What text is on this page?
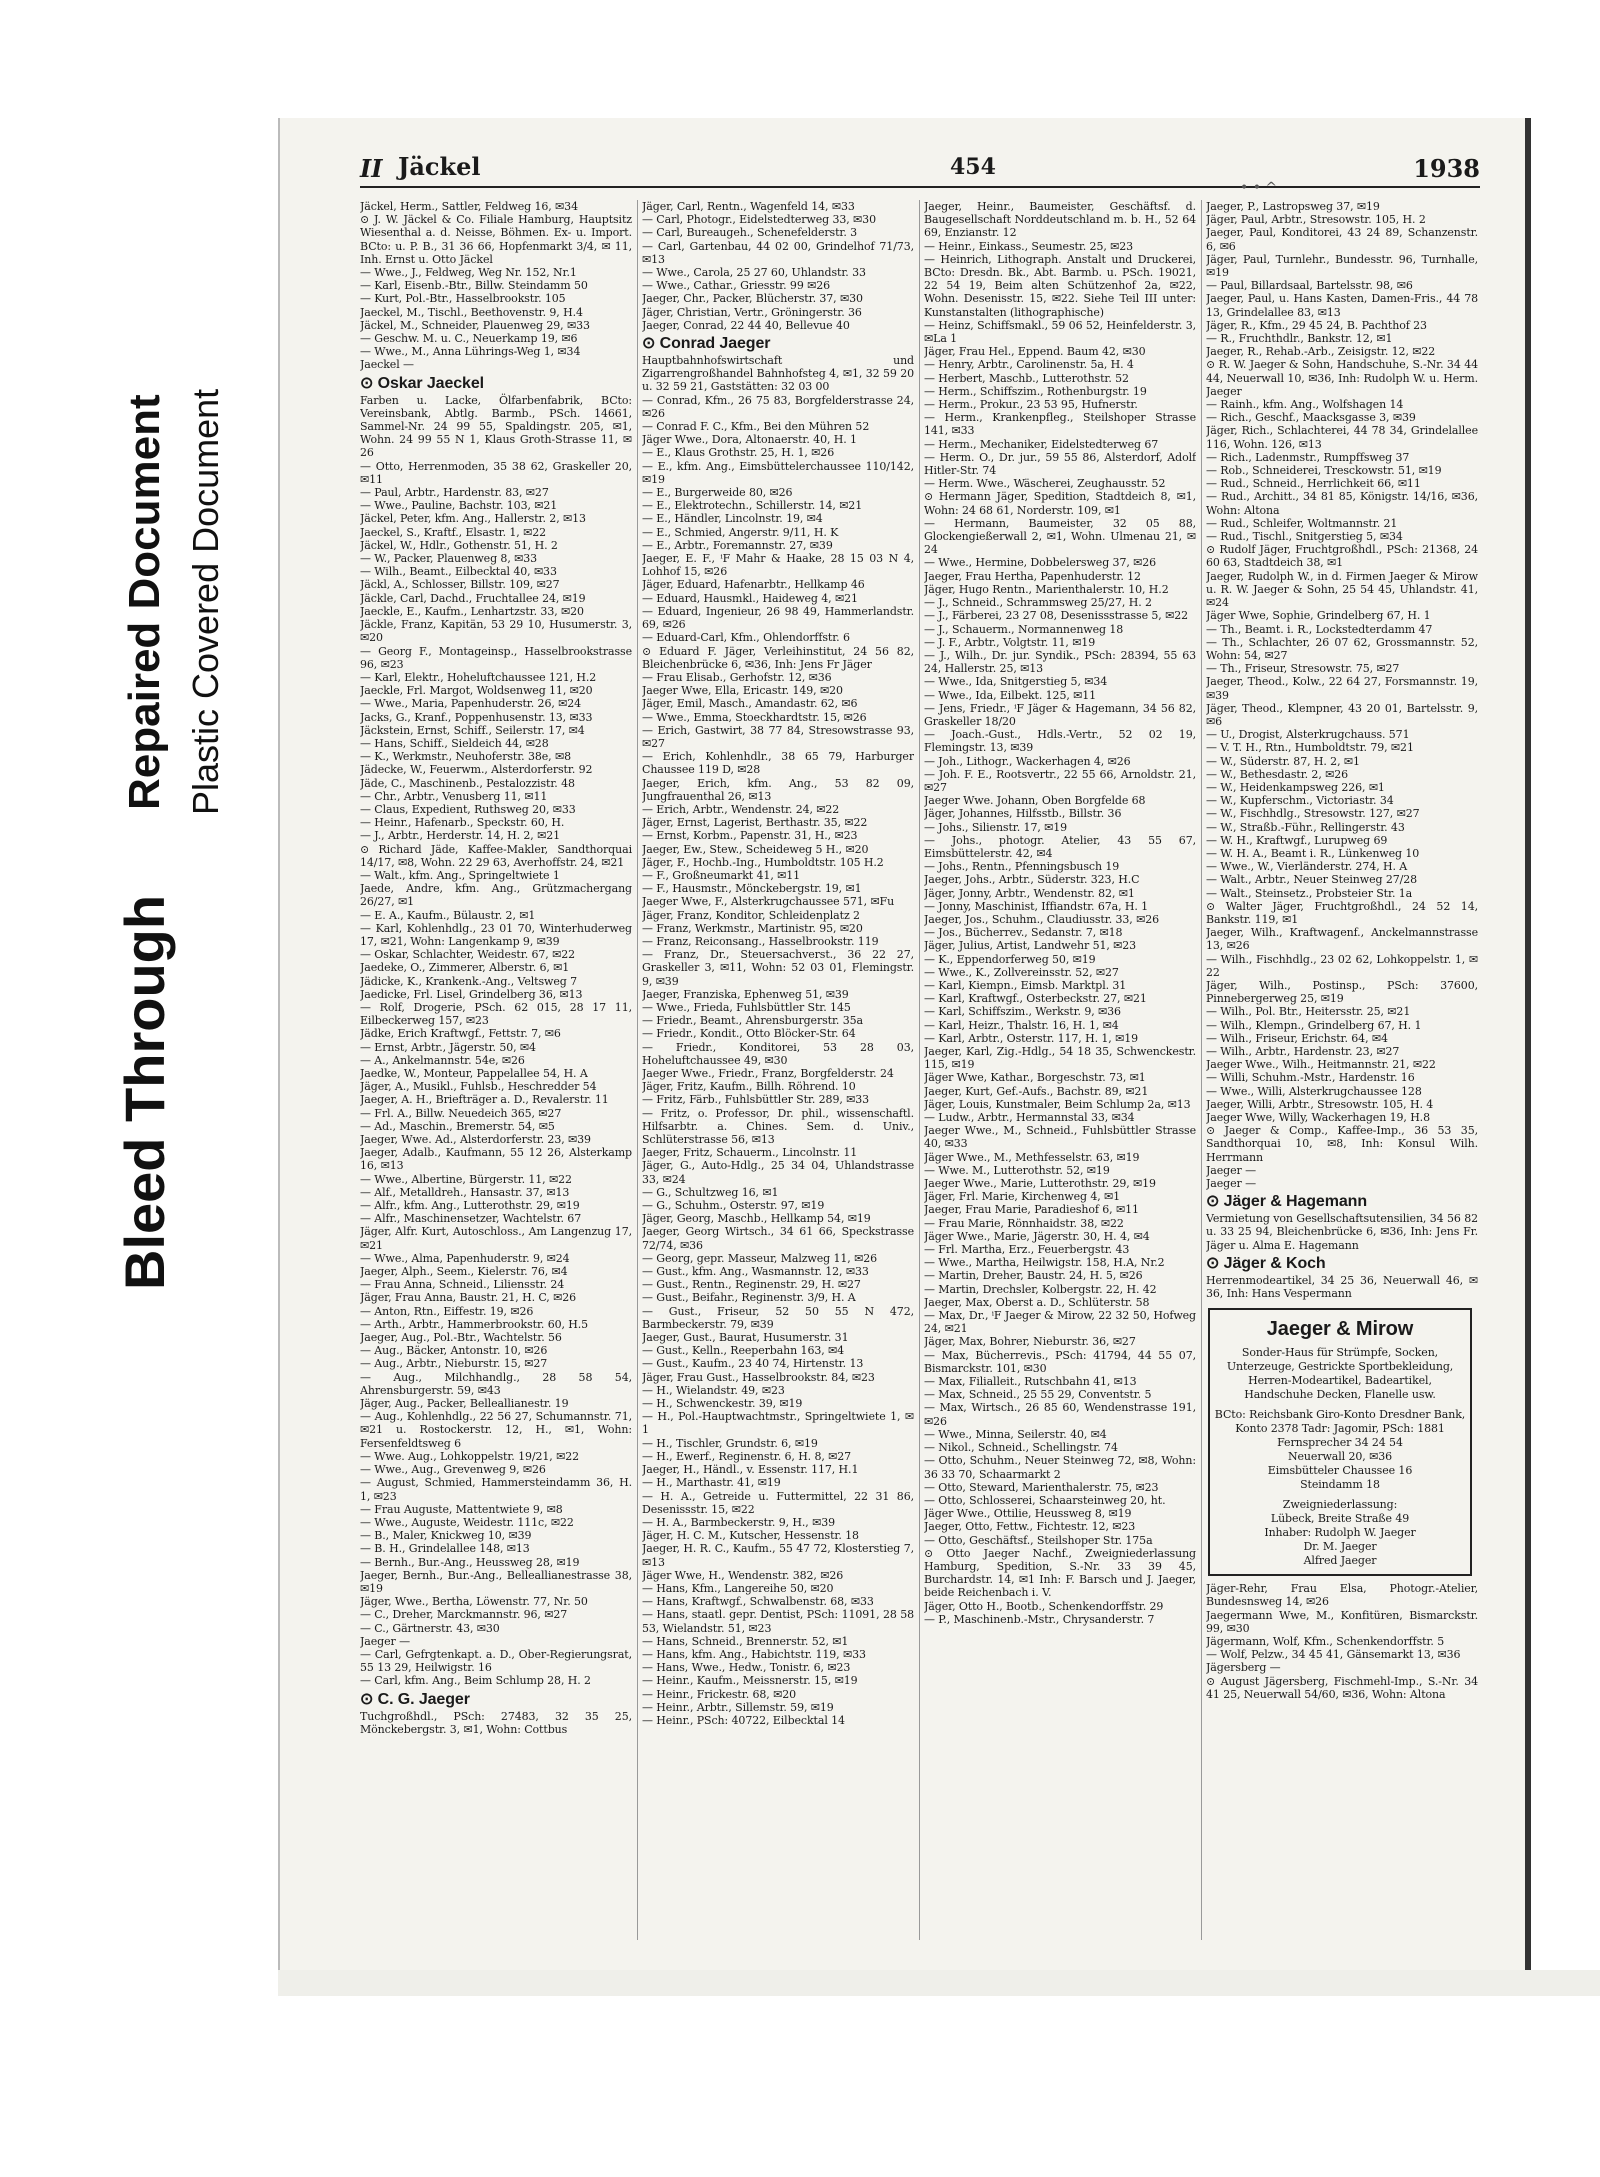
Bleed Through
Repaired Document Plastic Covered Document
II Jäckel	454
• • ^
1938

Jäckel, Herm., Sattler, Feldweg 16, ✉34

⊙ J. W. Jäckel & Co. Filiale Hamburg, Hauptsitz Wiesenthal a. d. Neisse, Böhmen. Ex- u. Import. BCto: u. P. B., 31 36 66, Hopfenmarkt 3/4, ✉ 11, Inh. Ernst u. Otto Jäckel

— Wwe., J., Feldweg, Weg Nr. 152, Nr.1

— Karl, Eisenb.-Btr., Billw. Steindamm 50

— Kurt, Pol.-Btr., Hasselbrookstr. 105

Jaeckel, M., Tischl., Beethovenstr. 9, H.4

Jäckel, M., Schneider, Plauenweg 29, ✉33

— Geschw. M. u. C., Neuerkamp 19, ✉6

— Wwe., M., Anna Lührings-Weg 1, ✉34

Jaeckel —

⊙ Oskar Jaeckel

Farben u. Lacke, Ölfarbenfabrik, BCto: Vereinsbank, Abtlg. Barmb., PSch. 14661, Sammel-Nr. 24 99 55, Spaldingstr. 205, ✉1, Wohn. 24 99 55 N 1, Klaus Groth-Strasse 11, ✉26

— Otto, Herrenmoden, 35 38 62, Graskeller 20, ✉11

— Paul, Arbtr., Hardenstr. 83, ✉27

— Wwe., Pauline, Bachstr. 103, ✉21

Jäckel, Peter, kfm. Ang., Hallerstr. 2, ✉13

Jaeckel, S., Kraftf., Elsastr. 1, ✉22

Jäckel, W., Hdlr., Gothenstr. 51, H. 2

— W., Packer, Plauenweg 8, ✉33

— Wilh., Beamt., Eilbecktal 40, ✉33

Jäckl, A., Schlosser, Billstr. 109, ✉27

Jäckle, Carl, Dachd., Fruchtallee 24, ✉19

Jaeckle, E., Kaufm., Lenhartzstr. 33, ✉20

Jäckle, Franz, Kapitän, 53 29 10, Husumerstr. 3, ✉20

— Georg F., Montageinsp., Hasselbrookstrasse 96, ✉23

— Karl, Elektr., Hoheluftchaussee 121, H.2

Jaeckle, Frl. Margot, Woldsenweg 11, ✉20

— Wwe., Maria, Papenhuderstr. 26, ✉24

Jacks, G., Kranf., Poppenhusenstr. 13, ✉33

Jäckstein, Ernst, Schiff., Seilerstr. 17, ✉4

— Hans, Schiff., Sieldeich 44, ✉28

— K., Werkmstr., Neuhoferstr. 38e, ✉8

Jädecke, W., Feuerwm., Alsterdorferstr. 92

Jäde, C., Maschinenb., Pestalozzistr. 48

— Chr., Arbtr., Venusberg 11, ✉11

— Claus, Expedient, Ruthsweg 20, ✉33

— Heinr., Hafenarb., Speckstr. 60, H.

— J., Arbtr., Herderstr. 14, H. 2, ✉21

⊙ Richard Jäde, Kaffee-Makler, Sandthorquai 14/17, ✉8, Wohn. 22 29 63, Averhoffstr. 24, ✉21

— Walt., kfm. Ang., Springeltwiete 1

Jaede, Andre, kfm. Ang., Grützmachergang 26/27, ✉1

— E. A., Kaufm., Bülaustr. 2, ✉1

— Karl, Kohlenhdlg., 23 01 70, Winterhuderweg 17, ✉21, Wohn: Langenkamp 9, ✉39

— Oskar, Schlachter, Weidestr. 67, ✉22

Jaedeke, O., Zimmerer, Alberstr. 6, ✉1

Jädicke, K., Krankenk.-Ang., Veltsweg 7

Jaedicke, Frl. Lisel, Grindelberg 36, ✉13

— Rolf, Drogerie, PSch. 62 015, 28 17 11, Eilbeckerweg 157, ✉23

Jädke, Erich Kraftwgf., Fettstr. 7, ✉6

— Ernst, Arbtr., Jägerstr. 50, ✉4

— A., Ankelmannstr. 54e, ✉26

Jaedke, W., Monteur, Pappelallee 54, H. A

Jäger, A., Musikl., Fuhlsb., Heschredder 54

Jaeger, A. H., Briefträger a. D., Revalerstr. 11

— Frl. A., Billw. Neuedeich 365, ✉27

— Ad., Maschin., Bremerstr. 54, ✉5

Jaeger, Wwe. Ad., Alsterdorferstr. 23, ✉39

Jaeger, Adalb., Kaufmann, 55 12 26, Alsterkamp 16, ✉13

— Wwe., Albertine, Bürgerstr. 11, ✉22

— Alf., Metalldreh., Hansastr. 37, ✉13

— Alfr., kfm. Ang., Lutterothstr. 29, ✉19

— Alfr., Maschinensetzer, Wachtelstr. 67

Jäger, Alfr. Kurt, Autoschloss., Am Langenzug 17, ✉21

— Wwe., Alma, Papenhuderstr. 9, ✉24

Jaeger, Alph., Seem., Kielerstr. 76, ✉4

— Frau Anna, Schneid., Liliensstr. 24

Jäger, Frau Anna, Baustr. 21, H. C, ✉26

— Anton, Rtn., Eiffestr. 19, ✉26

— Arth., Arbtr., Hammerbrookstr. 60, H.5

Jaeger, Aug., Pol.-Btr., Wachtelstr. 56

— Aug., Bäcker, Antonstr. 10, ✉26

— Aug., Arbtr., Nieburstr. 15, ✉27

— Aug., Milchhandlg., 28 58 54, Ahrensburgerstr. 59, ✉43

Jäger, Aug., Packer, Belleallianestr. 19

— Aug., Kohlenhdlg., 22 56 27, Schumannstr. 71, ✉21 u. Rostockerstr. 12, H., ✉1, Wohn: Fersenfeldtsweg 6

— Wwe. Aug., Lohkoppelstr. 19/21, ✉22

— Wwe., Aug., Grevenweg 9, ✉26

— August, Schmied, Hammersteindamm 36, H. 1, ✉23

— Frau Auguste, Mattentwiete 9, ✉8

— Wwe., Auguste, Weidestr. 111c, ✉22

— B., Maler, Knickweg 10, ✉39

— B. H., Grindelallee 148, ✉13

— Bernh., Bur.-Ang., Heussweg 28, ✉19

Jaeger, Bernh., Bur.-Ang., Belleallianestrasse 38, ✉19

Jäger, Wwe., Bertha, Löwenstr. 77, Nr. 50

— C., Dreher, Marckmannstr. 96, ✉27

— C., Gärtnerstr. 43, ✉30

Jaeger —

— Carl, Gefrgtenkapt. a. D., Ober-Regierungsrat, 55 13 29, Heilwigstr. 16

— Carl, kfm. Ang., Beim Schlump 28, H. 2

⊙ C. G. Jaeger

Tuchgroßhdl., PSch: 27483, 32 35 25, Mönckebergstr. 3, ✉1, Wohn: Cottbus

Jäger, Carl, Rentn., Wagenfeld 14, ✉33

— Carl, Photogr., Eidelstedterweg 33, ✉30

— Carl, Bureaugeh., Schenefelderstr. 3

— Carl, Gartenbau, 44 02 00, Grindelhof 71/73, ✉13

— Wwe., Carola, 25 27 60, Uhlandstr. 33

— Wwe., Cathar., Griesstr. 99 ✉26

Jaeger, Chr., Packer, Blücherstr. 37, ✉30

Jäger, Christian, Vertr., Gröningerstr. 36

Jaeger, Conrad, 22 44 40, Bellevue 40

⊙ Conrad Jaeger

Hauptbahnhofswirtschaft und Zigarrengroßhandel Bahnhofsteg 4, ✉1, 32 59 20 u. 32 59 21, Gaststätten: 32 03 00

— Conrad, Kfm., 26 75 83, Borgfelderstrasse 24, ✉26

— Conrad F. C., Kfm., Bei den Mühren 52

Jäger Wwe., Dora, Altonaerstr. 40, H. 1

— E., Klaus Grothstr. 25, H. 1, ✉26

— E., kfm. Ang., Eimsbüttelerchaussee 110/142, ✉19

— E., Burgerweide 80, ✉26

— E., Elektrotechn., Schillerstr. 14, ✉21

— E., Händler, Lincolnstr. 19, ✉4

— E., Schmied, Angerstr. 9/11, H. K

— E., Arbtr., Foremannstr. 27, ✉39

Jaeger, E. F., ⁱF Mahr & Haake, 28 15 03 N 4, Lohhof 15, ✉26

Jäger, Eduard, Hafenarbtr., Hellkamp 46

— Eduard, Hausmkl., Haideweg 4, ✉21

— Eduard, Ingenieur, 26 98 49, Hammerlandstr. 69, ✉26

— Eduard-Carl, Kfm., Ohlendorffstr. 6

⊙ Eduard F. Jäger, Verleihinstitut, 24 56 82, Bleichenbrücke 6, ✉36, Inh: Jens Fr Jäger

— Frau Elisab., Gerhofstr. 12, ✉36

Jaeger Wwe, Ella, Ericastr. 149, ✉20

Jäger, Emil, Masch., Amandastr. 62, ✉6

— Wwe., Emma, Stoeckhardtstr. 15, ✉26

— Erich, Gastwirt, 38 77 84, Stresowstrasse 93, ✉27

— Erich, Kohlenhdlr., 38 65 79, Harburger Chaussee 119 D, ✉28

Jaeger, Erich, kfm. Ang., 53 82 09, Jungfrauenthal 26, ✉13

— Erich, Arbtr., Wendenstr. 24, ✉22

Jäger, Ernst, Lagerist, Berthastr. 35, ✉22

— Ernst, Korbm., Papenstr. 31, H., ✉23

Jaeger, Ew., Stew., Scheideweg 5 H., ✉20

Jäger, F., Hochb.-Ing., Humboldtstr. 105 H.2

— F., Großneumarkt 41, ✉11

— F., Hausmstr., Mönckebergstr. 19, ✉1

Jaeger Wwe, F., Alsterkrugchaussee 571, ✉Fu

Jäger, Franz, Konditor, Schleidenplatz 2

— Franz, Werkmstr., Martinistr. 95, ✉20

— Franz, Reiconsang., Hasselbrookstr. 119

— Franz, Dr., Steuersachverst., 36 22 27, Graskeller 3, ✉11, Wohn: 52 03 01, Flemingstr. 9, ✉39

Jaeger, Franziska, Ephenweg 51, ✉39

— Wwe., Frieda, Fuhlsbüttler Str. 145

— Friedr., Beamt., Ahrensburgerstr. 35a

— Friedr., Kondit., Otto Blöcker-Str. 64

— Friedr., Konditorei, 53 28 03, Hoheluftchaussee 49, ✉30

Jaeger Wwe., Friedr., Franz, Borgfelderstr. 24

Jäger, Fritz, Kaufm., Billh. Röhrend. 10

— Fritz, Färb., Fuhlsbüttler Str. 289, ✉33

— Fritz, o. Professor, Dr. phil., wissenschaftl. Hilfsarbtr. a. Chines. Sem. d. Univ., Schlüterstrasse 56, ✉13

Jaeger, Fritz, Schauerm., Lincolnstr. 11

Jäger, G., Auto-Hdlg., 25 34 04, Uhlandstrasse 33, ✉24

— G., Schultzweg 16, ✉1

— G., Schuhm., Osterstr. 97, ✉19

Jäger, Georg, Maschb., Hellkamp 54, ✉19

Jaeger, Georg Wirtsch., 34 61 66, Speckstrasse 72/74, ✉36

— Georg, gepr. Masseur, Malzweg 11, ✉26

— Gust., kfm. Ang., Wasmannstr. 12, ✉33

— Gust., Rentn., Reginenstr. 29, H. ✉27

— Gust., Beifahr., Reginenstr. 3/9, H. A

— Gust., Friseur, 52 50 55 N 472, Barmbeckerstr. 79, ✉39

Jaeger, Gust., Baurat, Husumerstr. 31

— Gust., Kelln., Reeperbahn 163, ✉4

— Gust., Kaufm., 23 40 74, Hirtenstr. 13

Jäger, Frau Gust., Hasselbrookstr. 84, ✉23

— H., Wielandstr. 49, ✉23

— H., Schwenckestr. 39, ✉19

— H., Pol.-Hauptwachtmstr., Springeltwiete 1, ✉1

— H., Tischler, Grundstr. 6, ✉19

— H., Ewerf., Reginenstr. 6, H. 8, ✉27

Jaeger, H., Händl., v. Essenstr. 117, H.1

— H., Marthastr. 41, ✉19

— H. A., Getreide u. Futtermittel, 22 31 86, Desenissstr. 15, ✉22

— H. A., Barmbeckerstr. 9, H., ✉39

Jäger, H. C. M., Kutscher, Hessenstr. 18

Jaeger, H. R. C., Kaufm., 55 47 72, Klosterstieg 7, ✉13

Jäger Wwe, H., Wendenstr. 382, ✉26

— Hans, Kfm., Langereihe 50, ✉20

— Hans, Kraftwgf., Schwalbenstr. 68, ✉33

— Hans, staatl. gepr. Dentist, PSch: 11091, 28 58 53, Wielandstr. 51, ✉23

— Hans, Schneid., Brennerstr. 52, ✉1

— Hans, kfm. Ang., Habichtstr. 119, ✉33

— Hans, Wwe., Hedw., Tonistr. 6, ✉23

— Heinr., Kaufm., Meissnerstr. 15, ✉19

— Heinr., Frickestr. 68, ✉20

— Heinr., Arbtr., Sillemstr. 59, ✉19

— Heinr., PSch: 40722, Eilbecktal 14

Jaeger, Heinr., Baumeister, Geschäftsf. d. Baugesellschaft Norddeutschland m. b. H., 52 64 69, Enzianstr. 12

— Heinr., Einkass., Seumestr. 25, ✉23

— Heinrich, Lithograph. Anstalt und Druckerei, BCto: Dresdn. Bk., Abt. Barmb. u. PSch. 19021, 22 54 19, Beim alten Schützenhof 2a, ✉22, Wohn. Desenisstr. 15, ✉22. Siehe Teil III unter: Kunstanstalten (lithographische)

— Heinz, Schiffsmakl., 59 06 52, Heinfelderstr. 3, ✉La 1

Jäger, Frau Hel., Eppend. Baum 42, ✉30

— Henry, Arbtr., Carolinenstr. 5a, H. 4

— Herbert, Maschb., Lutterothstr. 52

— Herm., Schiffszim., Rothenburgstr. 19

— Herm., Prokur., 23 53 95, Hufnerstr.

— Herm., Krankenpfleg., Steilshoper Strasse 141, ✉33

— Herm., Mechaniker, Eidelstedterweg 67

— Herm. O., Dr. jur., 59 55 86, Alsterdorf, Adolf Hitler-Str. 74

— Herm. Wwe., Wäscherei, Zeughausstr. 52

⊙ Hermann Jäger, Spedition, Stadtdeich 8, ✉1, Wohn: 24 68 61, Norderstr. 109, ✉1

— Hermann, Baumeister, 32 05 88, Glockengießerwall 2, ✉1, Wohn. Ulmenau 21, ✉24

— Wwe., Hermine, Dobbelersweg 37, ✉26

Jaeger, Frau Hertha, Papenhuderstr. 12

Jäger, Hugo Rentn., Marienthalerstr. 10, H.2

— J., Schneid., Schrammsweg 25/27, H. 2

— J., Färberei, 23 27 08, Desenissstrasse 5, ✉22

— J., Schauerm., Normannenweg 18

— J. F., Arbtr., Volgtstr. 11, ✉19

— J., Wilh., Dr. jur. Syndik., PSch: 28394, 55 63 24, Hallerstr. 25, ✉13

— Wwe., Ida, Snitgerstieg 5, ✉34

— Wwe., Ida, Eilbekt. 125, ✉11

— Jens, Friedr., ⁱF Jäger & Hagemann, 34 56 82, Graskeller 18/20

— Joach.-Gust., Hdls.-Vertr., 52 02 19, Flemingstr. 13, ✉39

— Joh., Lithogr., Wackerhagen 4, ✉26

— Joh. F. E., Rootsvertr., 22 55 66, Arnoldstr. 21, ✉27

Jaeger Wwe. Johann, Oben Borgfelde 68

Jäger, Johannes, Hilfsstb., Billstr. 36

— Johs., Silienstr. 17, ✉19

— Johs., photogr. Atelier, 43 55 67, Eimsbüttelerstr. 42, ✉4

— Johs., Rentn., Pfenningsbusch 19

Jaeger, Johs., Arbtr., Süderstr. 323, H.C

Jäger, Jonny, Arbtr., Wendenstr. 82, ✉1

— Jonny, Maschinist, Iffiandstr. 67a, H. 1

Jaeger, Jos., Schuhm., Claudiusstr. 33, ✉26

— Jos., Bücherrev., Sedanstr. 7, ✉18

Jäger, Julius, Artist, Landwehr 51, ✉23

— K., Eppendorferweg 50, ✉19

— Wwe., K., Zollvereinsstr. 52, ✉27

— Karl, Kiempn., Eimsb. Marktpl. 31

— Karl, Kraftwgf., Osterbeckstr. 27, ✉21

— Karl, Schiffszim., Werkstr. 9, ✉36

— Karl, Heizr., Thalstr. 16, H. 1, ✉4

— Karl, Arbtr., Osterstr. 117, H. 1, ✉19

Jaeger, Karl, Zig.-Hdlg., 54 18 35, Schwenckestr. 115, ✉19

Jäger Wwe, Kathar., Borgeschstr. 73, ✉1

Jaeger, Kurt, Gef.-Aufs., Bachstr. 89, ✉21

Jäger, Louis, Kunstmaler, Beim Schlump 2a, ✉13

— Ludw., Arbtr., Hermannstal 33, ✉34

Jaeger Wwe., M., Schneid., Fuhlsbüttler Strasse 40, ✉33

Jäger Wwe., M., Methfesselstr. 63, ✉19

— Wwe. M., Lutterothstr. 52, ✉19

Jaeger Wwe., Marie, Lutterothstr. 29, ✉19

Jäger, Frl. Marie, Kirchenweg 4, ✉1

Jaeger, Frau Marie, Paradieshof 6, ✉11

— Frau Marie, Rönnhaidstr. 38, ✉22

Jäger Wwe., Marie, Jägerstr. 30, H. 4, ✉4

— Frl. Martha, Erz., Feuerbergstr. 43

— Wwe., Martha, Heilwigstr. 158, H.A, Nr.2

— Martin, Dreher, Baustr. 24, H. 5, ✉26

— Martin, Drechsler, Kolbergstr. 22, H. 42

Jaeger, Max, Oberst a. D., Schlüterstr. 58

— Max, Dr., ⁱF Jaeger & Mirow, 22 32 50, Hofweg 24, ✉21

Jäger, Max, Bohrer, Nieburstr. 36, ✉27

— Max, Bücherrevis., PSch: 41794, 44 55 07, Bismarckstr. 101, ✉30

— Max, Filialleit., Rutschbahn 41, ✉13

— Max, Schneid., 25 55 29, Conventstr. 5

— Max, Wirtsch., 26 85 60, Wendenstrasse 191, ✉26

— Wwe., Minna, Seilerstr. 40, ✉4

— Nikol., Schneid., Schellingstr. 74

— Otto, Schuhm., Neuer Steinweg 72, ✉8, Wohn: 36 33 70, Schaarmarkt 2

— Otto, Steward, Marienthalerstr. 75, ✉23

— Otto, Schlosserei, Schaarsteinweg 20, ht.

Jäger Wwe., Ottilie, Heussweg 8, ✉19

Jaeger, Otto, Fettw., Fichtestr. 12, ✉23

— Otto, Geschäftsf., Steilshoper Str. 175a

⊙ Otto Jaeger Nachf., Zweigniederlassung Hamburg, Spedition, S.-Nr. 33 39 45, Burchardstr. 14, ✉1 Inh: F. Barsch und J. Jaeger, beide Reichenbach i. V.

Jäger, Otto H., Bootb., Schenkendorffstr. 29

— P., Maschinenb.-Mstr., Chrysanderstr. 7

Jaeger, P., Lastropsweg 37, ✉19

Jäger, Paul, Arbtr., Stresowstr. 105, H. 2

Jaeger, Paul, Konditorei, 43 24 89, Schanzenstr. 6, ✉6

Jäger, Paul, Turnlehr., Bundesstr. 96, Turnhalle, ✉19

— Paul, Billardsaal, Bartelsstr. 98, ✉6

Jaeger, Paul, u. Hans Kasten, Damen-Fris., 44 78 13, Grindelallee 83, ✉13

Jäger, R., Kfm., 29 45 24, B. Pachthof 23

— R., Fruchthdlr., Bankstr. 12, ✉1

Jaeger, R., Rehab.-Arb., Zeisigstr. 12, ✉22

⊙ R. W. Jaeger & Sohn, Handschuhe, S.-Nr. 34 44 44, Neuerwall 10, ✉36, Inh: Rudolph W. u. Herm. Jaeger

— Rainh., kfm. Ang., Wolfshagen 14

— Rich., Geschf., Maacksgasse 3, ✉39

Jäger, Rich., Schlachterei, 44 78 34, Grindelallee 116, Wohn. 126, ✉13

— Rich., Ladenmstr., Rumpffsweg 37

— Rob., Schneiderei, Tresckowstr. 51, ✉19

— Rud., Schneid., Herrlichkeit 66, ✉11

— Rud., Architt., 34 81 85, Königstr. 14/16, ✉36, Wohn: Altona

— Rud., Schleifer, Woltmannstr. 21

— Rud., Tischl., Snitgerstieg 5, ✉34

⊙ Rudolf Jäger, Fruchtgroßhdl., PSch: 21368, 24 60 63, Stadtdeich 38, ✉1

Jaeger, Rudolph W., in d. Firmen Jaeger & Mirow u. R. W. Jaeger & Sohn, 25 54 45, Uhlandstr. 41, ✉24

Jäger Wwe, Sophie, Grindelberg 67, H. 1

— Th., Beamt. i. R., Lockstedterdamm 47

— Th., Schlachter, 26 07 62, Grossmannstr. 52, Wohn: 54, ✉27

— Th., Friseur, Stresowstr. 75, ✉27

Jaeger, Theod., Kolw., 22 64 27, Forsmannstr. 19, ✉39

Jäger, Theod., Klempner, 43 20 01, Bartelsstr. 9, ✉6

— U., Drogist, Alsterkrugchauss. 571

— V. T. H., Rtn., Humboldtstr. 79, ✉21

— W., Süderstr. 87, H. 2, ✉1

— W., Bethesdastr. 2, ✉26

— W., Heidenkampsweg 226, ✉1

— W., Kupferschm., Victoriastr. 34

— W., Fischhdlg., Stresowstr. 127, ✉27

— W., Straßb.-Führ., Rellingerstr. 43

— W. H., Kraftwgf., Lurupweg 69

— W. H. A., Beamt i. R., Lünkenweg 10

— Wwe., W., Vierländerstr. 274, H. A

— Walt., Arbtr., Neuer Steinweg 27/28

— Walt., Steinsetz., Probsteier Str. 1a

⊙ Walter Jäger, Fruchtgroßhdl., 24 52 14, Bankstr. 119, ✉1

Jaeger, Wilh., Kraftwagenf., Anckelmannstrasse 13, ✉26

— Wilh., Fischhdlg., 23 02 62, Lohkoppelstr. 1, ✉22

Jäger, Wilh., Postinsp., PSch: 37600, Pinnebergerweg 25, ✉19

— Wilh., Pol. Btr., Heitersstr. 25, ✉21

— Wilh., Klempn., Grindelberg 67, H. 1

— Wilh., Friseur, Erichstr. 64, ✉4

— Wilh., Arbtr., Hardenstr. 23, ✉27

Jaeger Wwe., Wilh., Heitmannstr. 21, ✉22

— Willi, Schuhm.-Mstr., Hardenstr. 16

— Wwe., Willi, Alsterkrugchaussee 128

Jaeger, Willi, Arbtr., Stresowstr. 105, H. 4

Jaeger Wwe, Willy, Wackerhagen 19, H.8

⊙ Jaeger & Comp., Kaffee-Imp., 36 53 35, Sandthorquai 10, ✉8, Inh: Konsul Wilh. Herrmann

Jaeger —

Jaeger —

⊙ Jäger & Hagemann

Vermietung von Gesellschaftsutensilien, 34 56 82 u. 33 25 94, Bleichenbrücke 6, ✉36, Inh: Jens Fr. Jäger u. Alma E. Hagemann

⊙ Jäger & Koch

Herrenmodeartikel, 34 25 36, Neuerwall 46, ✉36, Inh: Hans Vespermann

Jaeger & Mirow

Sonder-Haus für Strümpfe, Socken, Unterzeuge, Gestrickte Sportbekleidung, Herren-Modeartikel, Badeartikel, Handschuhe Decken, Flanelle usw.

BCto: Reichsbank Giro-Konto Dresdner Bank, Konto 2378 Tadr: Jagomir, PSch: 1881

Fernsprecher 34 24 54

Neuerwall 20, ✉36

Eimsbütteler Chaussee 16

Steindamm 18

Zweigniederlassung:

Lübeck, Breite Straße 49

Inhaber: Rudolph W. Jaeger

Dr. M. Jaeger

Alfred Jaeger

Jäger-Rehr, Frau Elsa, Photogr.-Atelier, Bundesnsweg 14, ✉26

Jaegermann Wwe, M., Konfitüren, Bismarckstr. 99, ✉30

Jägermann, Wolf, Kfm., Schenkendorffstr. 5

— Wolf, Pelzw., 34 45 41, Gänsemarkt 13, ✉36

Jägersberg —

⊙ August Jägersberg, Fischmehl-Imp., S.-Nr. 34 41 25, Neuerwall 54/60, ✉36, Wohn: Altona
